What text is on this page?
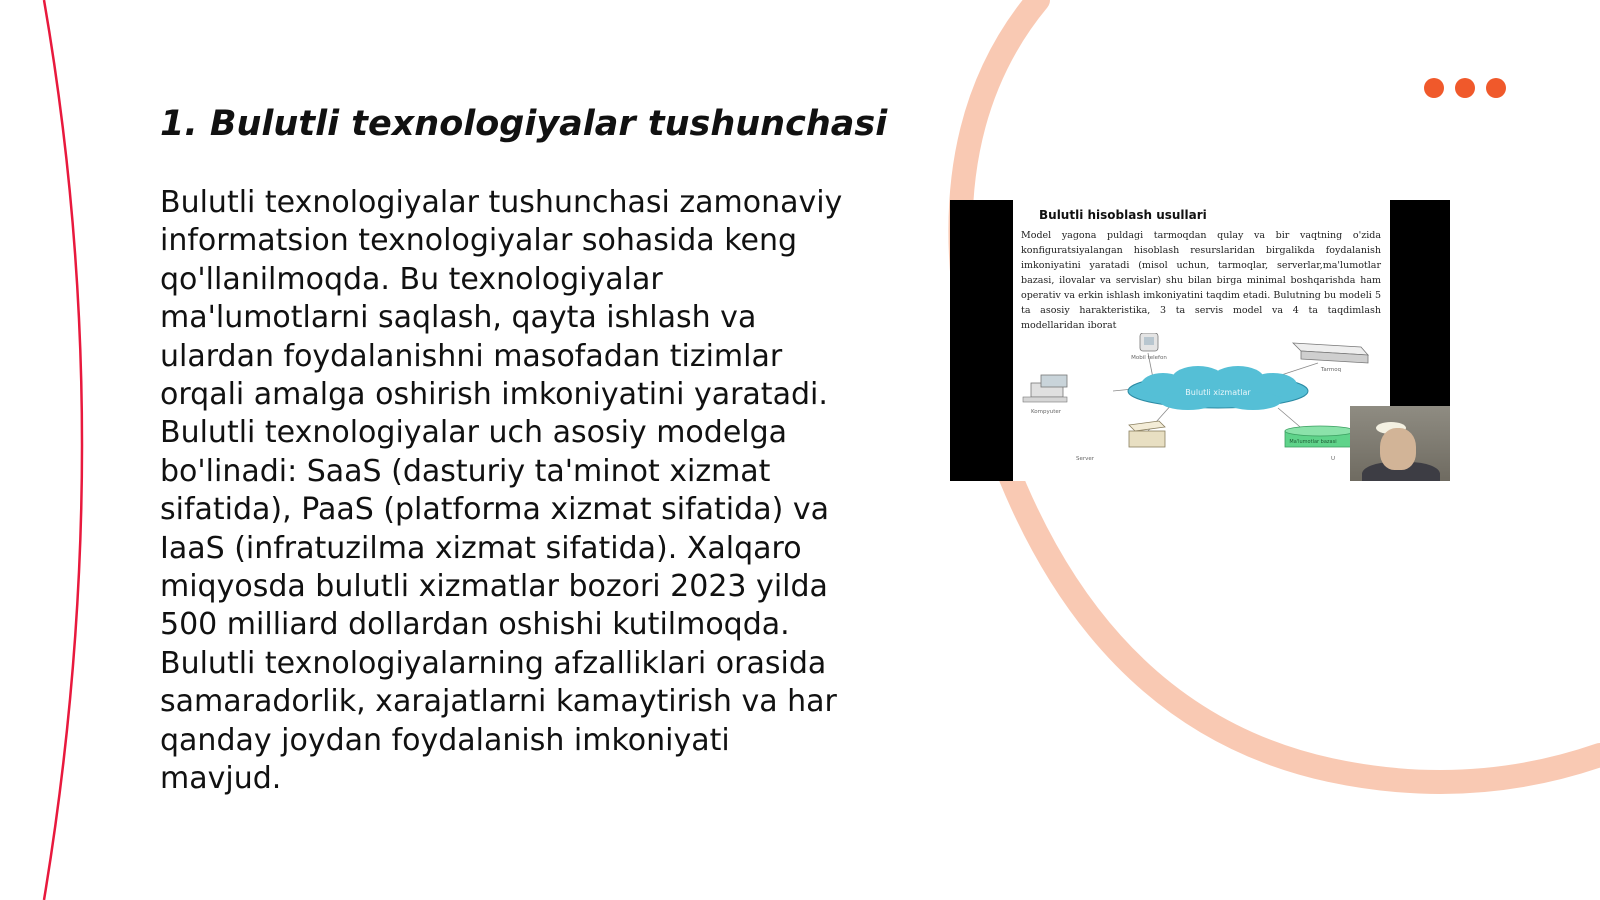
1. Bulutli texnologiyalar tushunchasi

Bulutli texnologiyalar tushunchasi zamonaviy informatsion texnologiyalar sohasida keng qo'llanilmoqda. Bu texnologiyalar ma'lumotlarni saqlash, qayta ishlash va ulardan foydalanishni masofadan tizimlar orqali amalga oshirish imkoniyatini yaratadi. Bulutli texnologiyalar uch asosiy modelga bo'linadi: SaaS (dasturiy ta'minot xizmat sifatida), PaaS (platforma xizmat sifatida) va IaaS (infratuzilma xizmat sifatida). Xalqaro miqyosda bulutli xizmatlar bozori 2023 yilda 500 milliard dollardan oshishi kutilmoqda. Bulutli texnologiyalarning afzalliklari orasida samaradorlik, xarajatlarni kamaytirish va har qanday joydan foydalanish imkoniyati mavjud.

Bulutli hisoblash usullari

Model yagona puldagi tarmoqdan qulay va bir vaqtning o'zida konfiguratsiyalangan hisoblash resurslaridan birgalikda foydalanish imkoniyatini yaratadi (misol uchun, tarmoqlar, serverlar,ma'lumotlar bazasi, ilovalar va servislar) shu bilan birga minimal boshqarishda ham operativ va erkin ishlash imkoniyatini taqdim etadi. Bulutning bu modeli 5 ta asosiy harakteristika, 3 ta servis model va 4 ta taqdimlash modellaridan iborat

Bulutli xizmatlar
Mobil telefon
Tarmoq
Kompyuter
Server
Ma'lumotlar bazasi
U
